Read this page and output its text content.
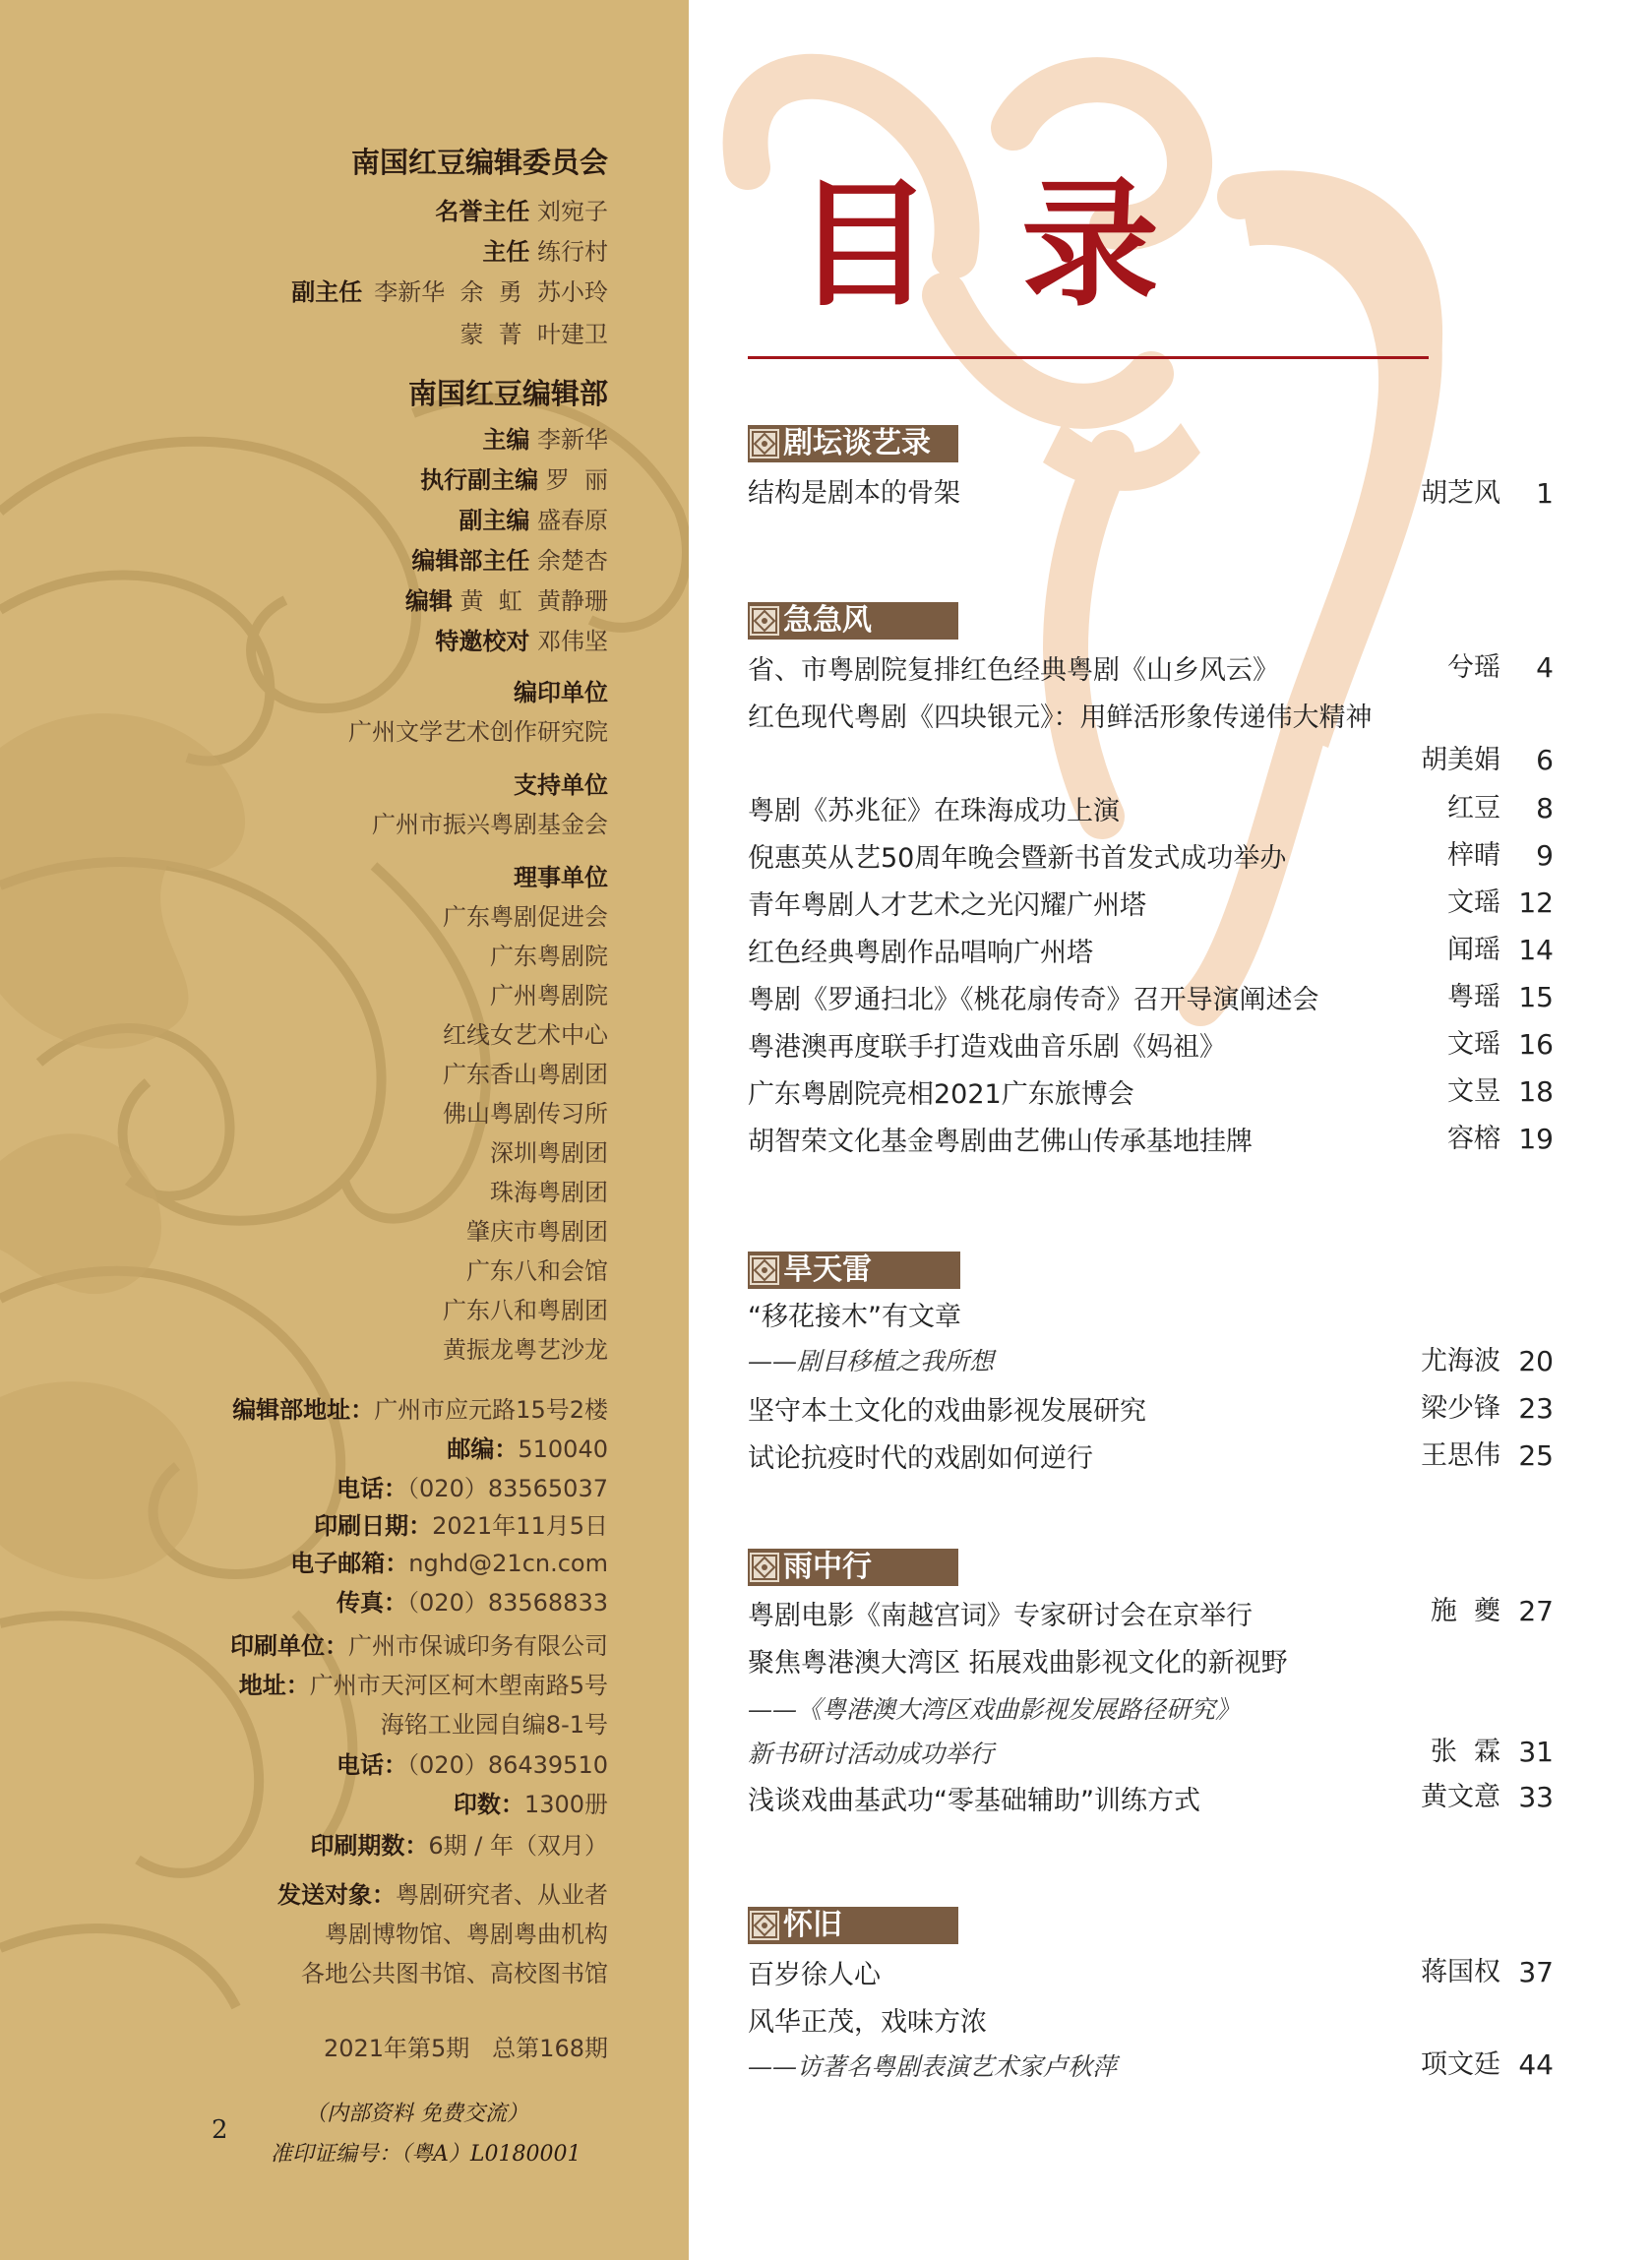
南国红豆编辑委员会
名誉主任 刘宛子
主任 练行村
副主任 李新华  余  勇  苏小玲
蒙  菁  叶建卫
南国红豆编辑部
主编 李新华
执行副主编 罗  丽
副主编 盛春原
编辑部主任 余楚杏
编辑 黄  虹  黄静珊
特邀校对 邓伟坚
编印单位
广州文学艺术创作研究院
支持单位
广州市振兴粤剧基金会
理事单位
广东粤剧促进会
广东粤剧院
广州粤剧院
红线女艺术中心
广东香山粤剧团
佛山粤剧传习所
深圳粤剧团
珠海粤剧团
肇庆市粤剧团
广东八和会馆
广东八和粤剧团
黄振龙粤艺沙龙
编辑部地址：广州市应元路15号2楼
邮编：510040
电话：（020）83565037
印刷日期：2021年11月5日
电子邮箱：nghd@21cn.com
传真：（020）83568833
印刷单位：广州市保诚印务有限公司
地址：广州市天河区柯木塱南路5号
海铭工业园自编8-1号
电话：（020）86439510
印数：1300册
印刷期数：6期 / 年（双月）
发送对象：粤剧研究者、从业者
粤剧博物馆、粤剧粤曲机构
各地公共图书馆、高校图书馆
2021年第5期   总第168期
（内部资料 免费交流）
准印证编号：（粤A）L0180001
2
目录
剧坛谈艺录
结构是剧本的骨架	胡芝风	1
急急风
省、市粤剧院复排红色经典粤剧《山乡风云》	兮瑶	4
红色现代粤剧《四块银元》：用鲜活形象传递伟大精神
胡美娟	6
粤剧《苏兆征》在珠海成功上演	红豆	8
倪惠英从艺50周年晚会暨新书首发式成功举办	梓晴	9
青年粤剧人才艺术之光闪耀广州塔	文瑶 12
红色经典粤剧作品唱响广州塔	闻瑶 14
粤剧《罗通扫北》《桃花扇传奇》召开导演阐述会	粤瑶 15
粤港澳再度联手打造戏曲音乐剧《妈祖》	文瑶 16
广东粤剧院亮相2021广东旅博会	文昱 18
胡智荣文化基金粤剧曲艺佛山传承基地挂牌	容榕 19
旱天雷
“移花接木”有文章
——剧目移植之我所想	尤海波 20
坚守本土文化的戏曲影视发展研究	梁少锋 23
试论抗疫时代的戏剧如何逆行	王思伟 25
雨中行
粤剧电影《南越宫词》专家研讨会在京举行	施  夔 27
聚焦粤港澳大湾区 拓展戏曲影视文化的新视野
——《粤港澳大湾区戏曲影视发展路径研究》
新书研讨活动成功举行	张  霖 31
浅谈戏曲基武功“零基础辅助”训练方式	黄文意 33
怀旧
百岁徐人心	蒋国权 37
风华正茂，戏味方浓
——访著名粤剧表演艺术家卢秋萍	项文廷 44
